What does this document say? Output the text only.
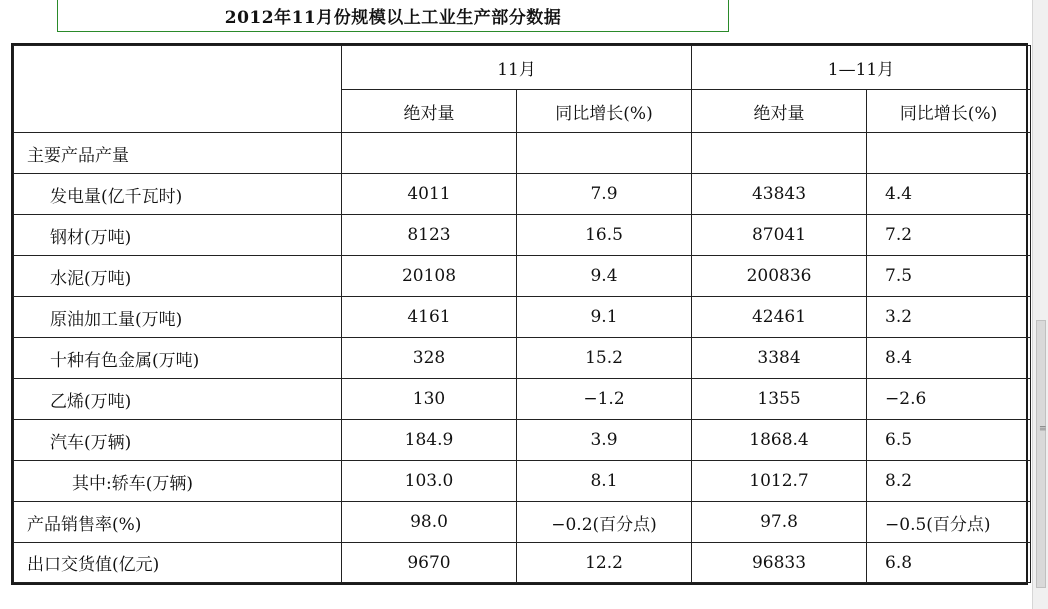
2012年11月份规模以上工业生产部分数据
≡
	11月		1—11月	
	绝对量	同比增长(%)	绝对量	同比增长(%)
主要产品产量				
发电量(亿千瓦时)	4011	7.9	43843	4.4
钢材(万吨)	8123	16.5	87041	7.2
水泥(万吨)	20108	9.4	200836	7.5
原油加工量(万吨)	4161	9.1	42461	3.2
十种有色金属(万吨)	328	15.2	3384	8.4
乙烯(万吨)	130	−1.2	1355	−2.6
汽车(万辆)	184.9	3.9	1868.4	6.5
其中:轿车(万辆)	103.0	8.1	1012.7	8.2
产品销售率(%)	98.0	−0.2(百分点)	97.8	−0.5(百分点)
出口交货值(亿元)	9670	12.2	96833	6.8
